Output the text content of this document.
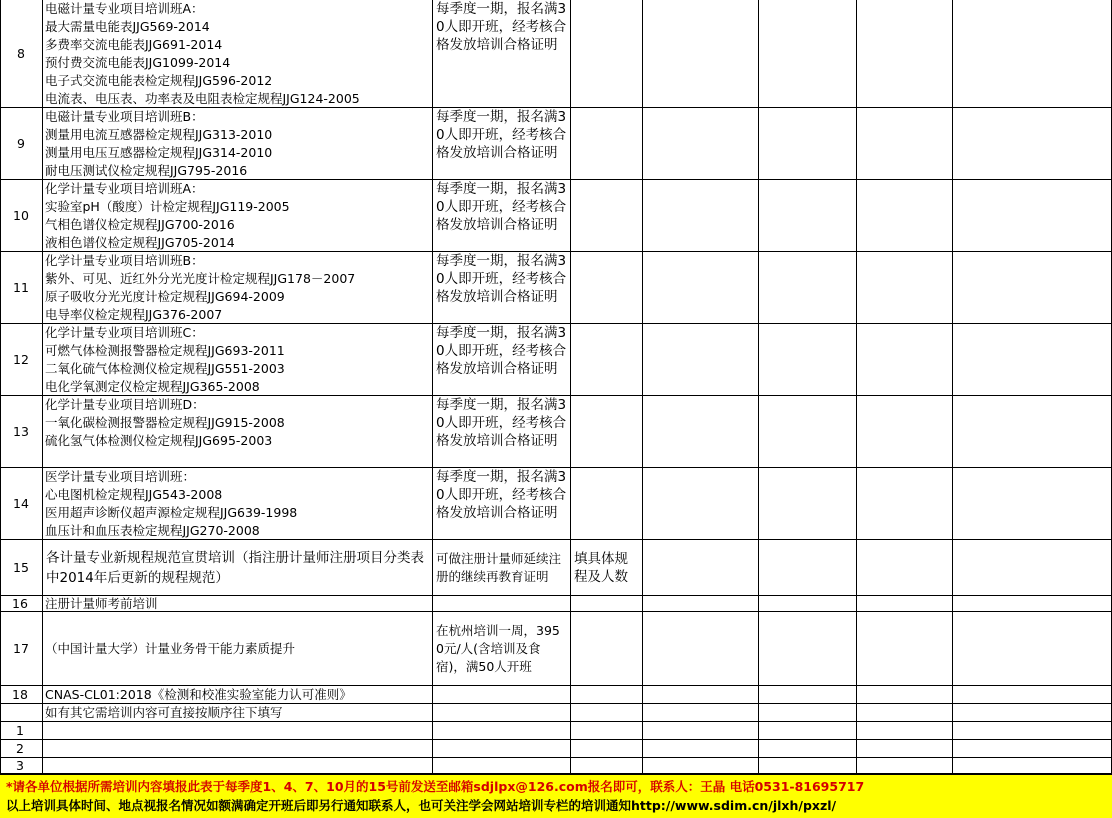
8
电磁计量专业项目培训班A：
最大需量电能表JJG569-2014
多费率交流电能表JJG691-2014
预付费交流电能表JJG1099-2014
电子式交流电能表检定规程JJG596-2012
电流表、电压表、功率表及电阻表检定规程JJG124-2005
每季度一期，报名满30人即开班，经考核合格发放培训合格证明
9
电磁计量专业项目培训班B：
测量用电流互感器检定规程JJG313-2010
测量用电压互感器检定规程JJG314-2010
耐电压测试仪检定规程JJG795-2016
每季度一期，报名满30人即开班，经考核合格发放培训合格证明
10
化学计量专业项目培训班A：
实验室pH（酸度）计检定规程JJG119-2005
气相色谱仪检定规程JJG700-2016
液相色谱仪检定规程JJG705-2014
每季度一期，报名满30人即开班，经考核合格发放培训合格证明
11
化学计量专业项目培训班B：
紫外、可见、近红外分光光度计检定规程JJG178－2007
原子吸收分光光度计检定规程JJG694-2009
电导率仪检定规程JJG376-2007
每季度一期，报名满30人即开班，经考核合格发放培训合格证明
12
化学计量专业项目培训班C：
可燃气体检测报警器检定规程JJG693-2011
二氧化硫气体检测仪检定规程JJG551-2003
电化学氧测定仪检定规程JJG365-2008
每季度一期，报名满30人即开班，经考核合格发放培训合格证明
13
化学计量专业项目培训班D：
一氧化碳检测报警器检定规程JJG915-2008
硫化氢气体检测仪检定规程JJG695-2003
每季度一期，报名满30人即开班，经考核合格发放培训合格证明
14
医学计量专业项目培训班：
心电图机检定规程JJG543-2008
医用超声诊断仪超声源检定规程JJG639-1998
血压计和血压表检定规程JJG270-2008
每季度一期，报名满30人即开班，经考核合格发放培训合格证明
15
各计量专业新规程规范宣贯培训（指注册计量师注册项目分类表中2014年后更新的规程规范）
可做注册计量师延续注册的继续再教育证明
填具体规程及人数
16 注册计量师考前培训
17 （中国计量大学）计量业务骨干能力素质提升
在杭州培训一周，3950元/人(含培训及食宿)，满50人开班
18 CNAS-CL01:2018《检测和校准实验室能力认可准则》
如有其它需培训内容可直接按顺序往下填写
1
2
3
*请各单位根据所需培训内容填报此表于每季度1、4、7、10月的15号前发送至邮箱sdjlpx@126.com报名即可，联系人：王晶 电话0531-81695717
以上培训具体时间、地点视报名情况如额满确定开班后即另行通知联系人，也可关注学会网站培训专栏的培训通知http://www.sdim.cn/jlxh/pxzl/
